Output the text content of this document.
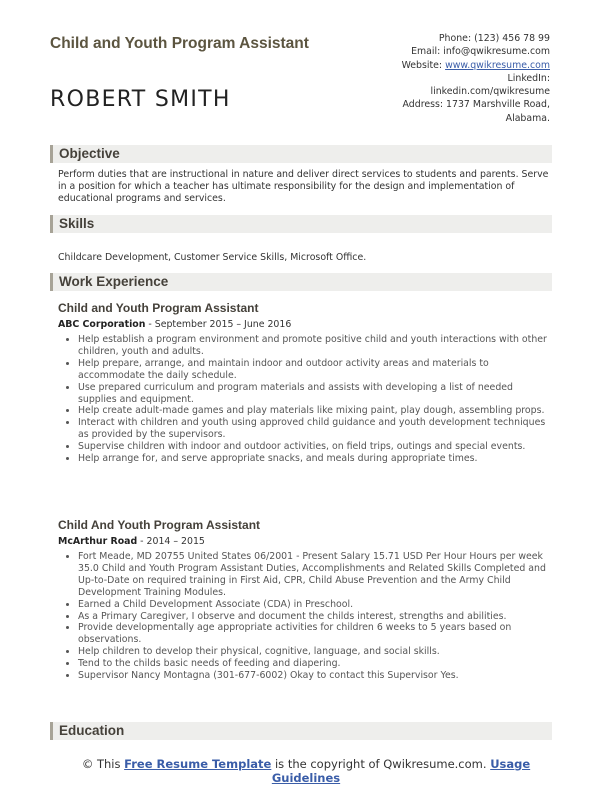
Child and Youth Program Assistant
ROBERT SMITH
Phone: (123) 456 78 99
Email: info@qwikresume.com
Website: www.qwikresume.com
LinkedIn:
linkedin.com/qwikresume
Address: 1737 Marshville Road,
Alabama.
Objective
Perform duties that are instructional in nature and deliver direct services to students and parents. Serve in a position for which a teacher has ultimate responsibility for the design and implementation of educational programs and services.
Skills
Childcare Development, Customer Service Skills, Microsoft Office.
Work Experience
Child and Youth Program Assistant
ABC Corporation - September 2015 – June 2016
• Help establish a program environment and promote positive child and youth interactions with other children, youth and adults.
• Help prepare, arrange, and maintain indoor and outdoor activity areas and materials to accommodate the daily schedule.
• Use prepared curriculum and program materials and assists with developing a list of needed supplies and equipment.
• Help create adult-made games and play materials like mixing paint, play dough, assembling props.
• Interact with children and youth using approved child guidance and youth development techniques as provided by the supervisors.
• Supervise children with indoor and outdoor activities, on field trips, outings and special events.
• Help arrange for, and serve appropriate snacks, and meals during appropriate times.
Child And Youth Program Assistant
McArthur Road - 2014 – 2015
• Fort Meade, MD 20755 United States 06/2001 - Present Salary 15.71 USD Per Hour Hours per week 35.0 Child and Youth Program Assistant Duties, Accomplishments and Related Skills Completed and Up-to-Date on required training in First Aid, CPR, Child Abuse Prevention and the Army Child Development Training Modules.
• Earned a Child Development Associate (CDA) in Preschool.
• As a Primary Caregiver, I observe and document the childs interest, strengths and abilities.
• Provide developmentally age appropriate activities for children 6 weeks to 5 years based on observations.
• Help children to develop their physical, cognitive, language, and social skills.
• Tend to the childs basic needs of feeding and diapering.
• Supervisor Nancy Montagna (301-677-6002) Okay to contact this Supervisor Yes.
Education
© This Free Resume Template is the copyright of Qwikresume.com. Usage Guidelines
